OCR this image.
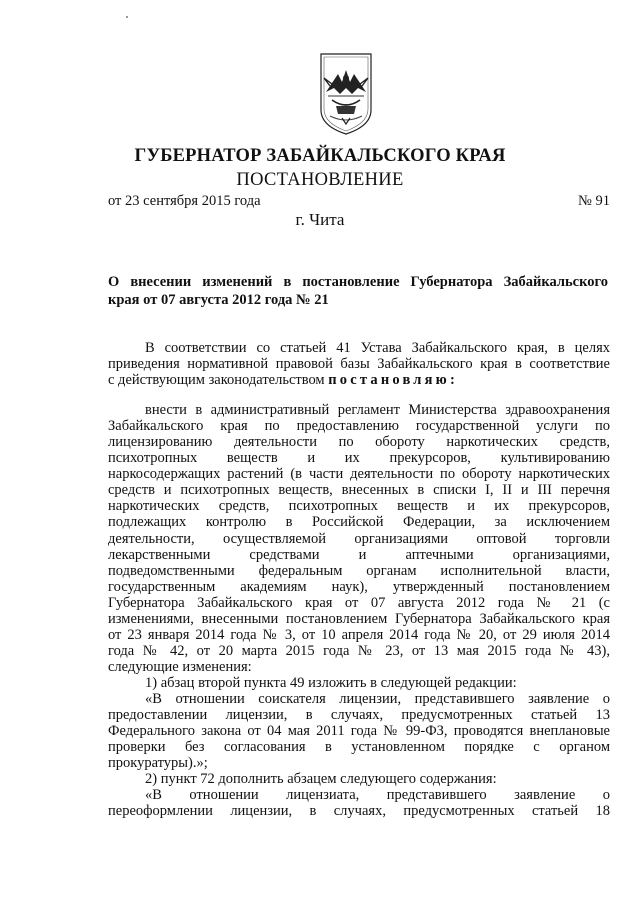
ГУБЕРНАТОР ЗАБАЙКАЛЬСКОГО КРАЯ
ПОСТАНОВЛЕНИЕ
от 23 сентября 2015 года	№ 91
г. Чита
О внесении изменений в постановление Губернатора Забайкальского
края от 07 августа 2012 года № 21
В соответствии со статьей 41 Устава Забайкальского края, в целях
приведения нормативной правовой базы Забайкальского края в соответствие
с действующим законодательством постановляю:
внести в административный регламент Министерства здравоохранения
Забайкальского края по предоставлению государственной услуги по
лицензированию деятельности по обороту наркотических средств,
психотропных веществ и их прекурсоров, культивированию
наркосодержащих растений (в части деятельности по обороту наркотических
средств и психотропных веществ, внесенных в списки I, II и III перечня
наркотических средств, психотропных веществ и их прекурсоров,
подлежащих контролю в Российской Федерации, за исключением
деятельности, осуществляемой организациями оптовой торговли
лекарственными средствами и аптечными организациями,
подведомственными федеральным органам исполнительной власти,
государственным академиям наук), утвержденный постановлением
Губернатора Забайкальского края от 07 августа 2012 года № 21 (с
изменениями, внесенными постановлением Губернатора Забайкальского края
от 23 января 2014 года № 3, от 10 апреля 2014 года № 20, от 29 июля 2014
года № 42, от 20 марта 2015 года № 23, от 13 мая 2015 года № 43),
следующие изменения:
1) абзац второй пункта 49 изложить в следующей редакции:
«В отношении соискателя лицензии, представившего заявление о
предоставлении лицензии, в случаях, предусмотренных статьей 13
Федерального закона от 04 мая 2011 года № 99-ФЗ, проводятся внеплановые
проверки без согласования в установленном порядке с органом
прокуратуры).»;
2) пункт 72 дополнить абзацем следующего содержания:
«В отношении лицензиата, представившего заявление о
переоформлении лицензии, в случаях, предусмотренных статьей 18
